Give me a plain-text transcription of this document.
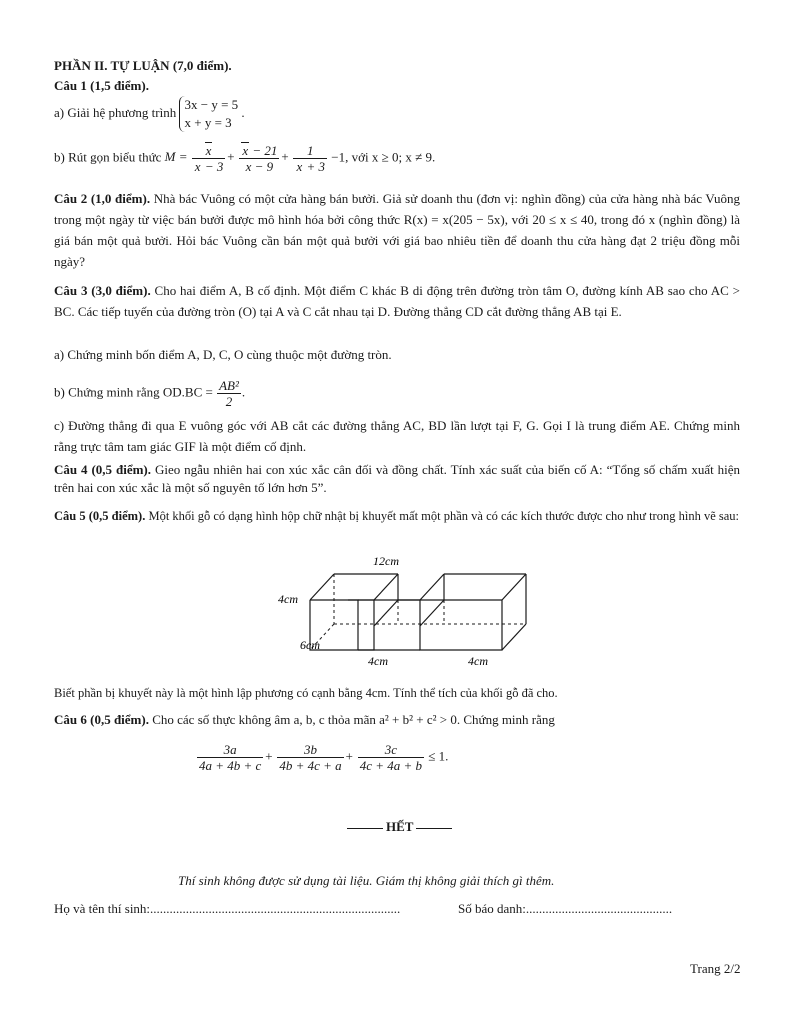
PHẦN II. TỰ LUẬN (7,0 điểm).
Câu 1 (1,5 điểm).
a) Giải hệ phương trình
3x − y = 5
x + y = 3
.
b) Rút gọn biểu thức $M = \frac{x}{x - 3} + \frac{x - 21}{x - 9} + \frac{1}{x + 3} -1$, với x ≥ 0; x ≠ 9.
Câu 2 (1,0 điểm). Nhà bác Vuông có một cửa hàng bán bưởi. Giả sử doanh thu (đơn vị: nghìn đồng) của cửa hàng nhà bác Vuông trong một ngày từ việc bán bưởi được mô hình hóa bởi công thức R(x) = x(205 − 5x), với 20 ≤ x ≤ 40, trong đó x (nghìn đồng) là giá bán một quả bưởi. Hỏi bác Vuông cần bán một quả bưởi với giá bao nhiêu tiền để doanh thu cửa hàng đạt 2 triệu đồng mỗi ngày?
Câu 3 (3,0 điểm). Cho hai điểm A, B cố định. Một điểm C khác B di động trên đường tròn tâm O, đường kính AB sao cho AC > BC. Các tiếp tuyến của đường tròn (O) tại A và C cắt nhau tại D. Đường thẳng CD cắt đường thẳng AB tại E.
a) Chứng minh bốn điểm A, D, C, O cùng thuộc một đường tròn.
b) Chứng minh rằng $OD.BC = \frac{\text{AB²}}{2}$ .
c) Đường thẳng đi qua E vuông góc với AB cắt các đường thẳng AC, BD lần lượt tại F, G. Gọi I là trung điểm AE. Chứng minh rằng trực tâm tam giác GIF là một điểm cố định.
Câu 4 (0,5 điểm). Gieo ngẫu nhiên hai con xúc xắc cân đối và đồng chất. Tính xác suất của biến cố A: “Tổng số chấm xuất hiện trên hai con xúc xắc là một số nguyên tố lớn hơn 5”.
Câu 5 (0,5 điểm). Một khối gỗ có dạng hình hộp chữ nhật bị khuyết mất một phần và có các kích thước được cho như trong hình vẽ sau:
12cm
4cm
6cm
4cm	4cm
Biết phần bị khuyết này là một hình lập phương có cạnh bằng 4cm. Tính thể tích của khối gỗ đã cho.
Câu 6 (0,5 điểm). Cho các số thực không âm a, b, c thỏa mãn a² + b² + c² > 0. Chứng minh rằng
$\frac{3a}{4a + 4b + c} + \frac{3b}{4b + 4c + a} + \frac{3c}{4c + 4a + b} \le 1$.
HẾT
Thí sinh không được sử dụng tài liệu. Giám thị không giải thích gì thêm.
Họ và tên thí sinh:.............................................................................	Số báo danh:.............................................
Trang 2/2
